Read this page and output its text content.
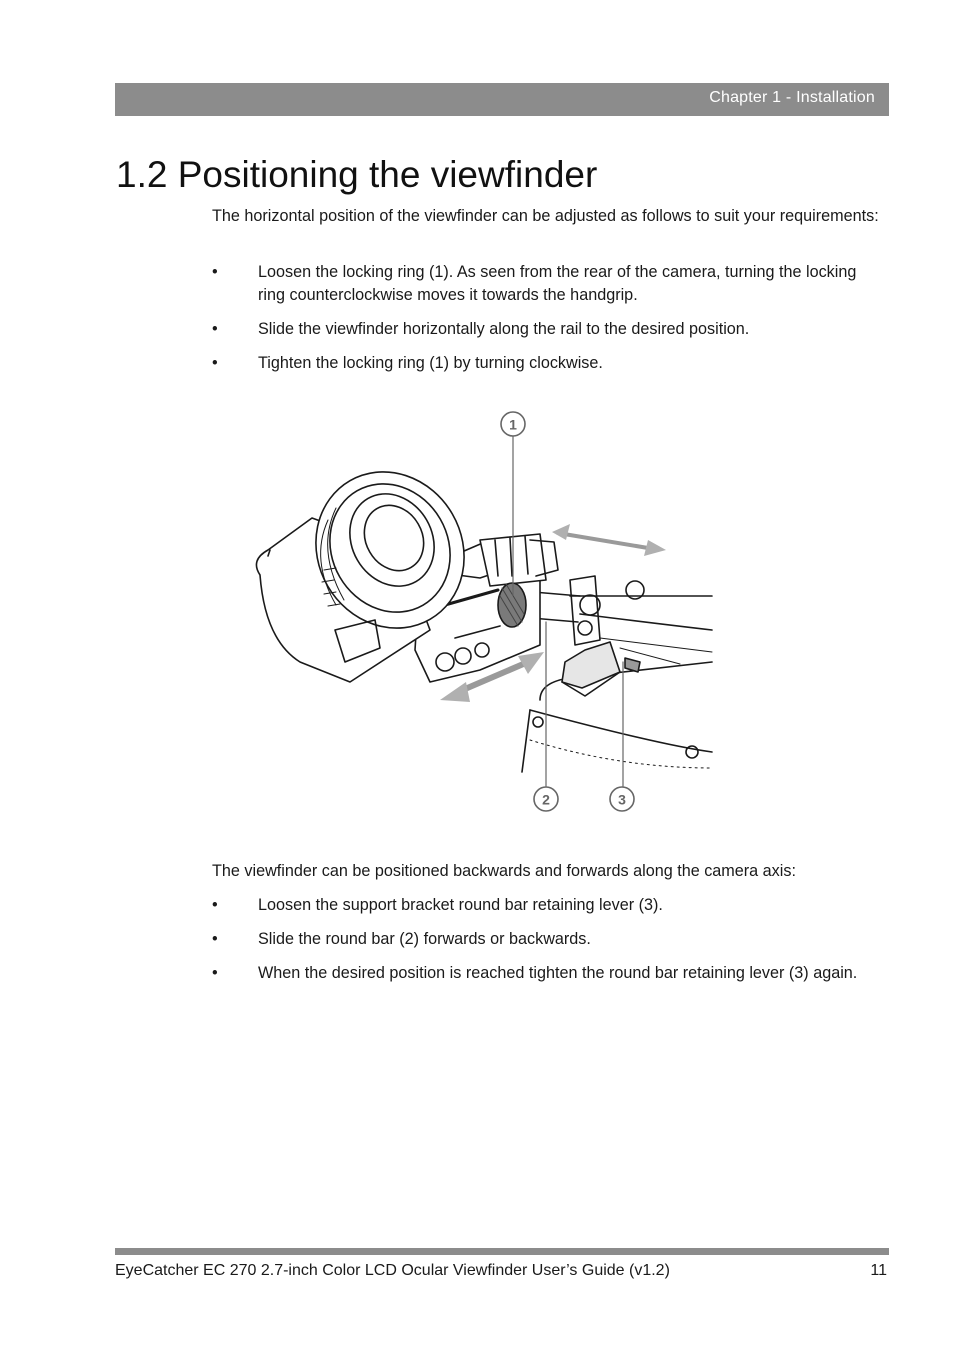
Chapter 1 - Installation
1.2 Positioning the viewfinder

The horizontal position of the viewfinder can be adjusted as follows to suit your requirements:

• Loosen the locking ring (1). As seen from the rear of the camera, turning the locking ring counterclockwise moves it towards the handgrip.
• Slide the viewfinder horizontally along the rail to the desired position.
• Tighten the locking ring (1) by turning clockwise.
1
2	3

The viewfinder can be positioned backwards and forwards along the camera axis:

• Loosen the support bracket round bar retaining lever (3).
• Slide the round bar (2) forwards or backwards.
• When the desired position is reached tighten the round bar retaining lever (3) again.
EyeCatcher EC 270 2.7-inch Color LCD Ocular Viewfinder User’s Guide (v1.2)	11
